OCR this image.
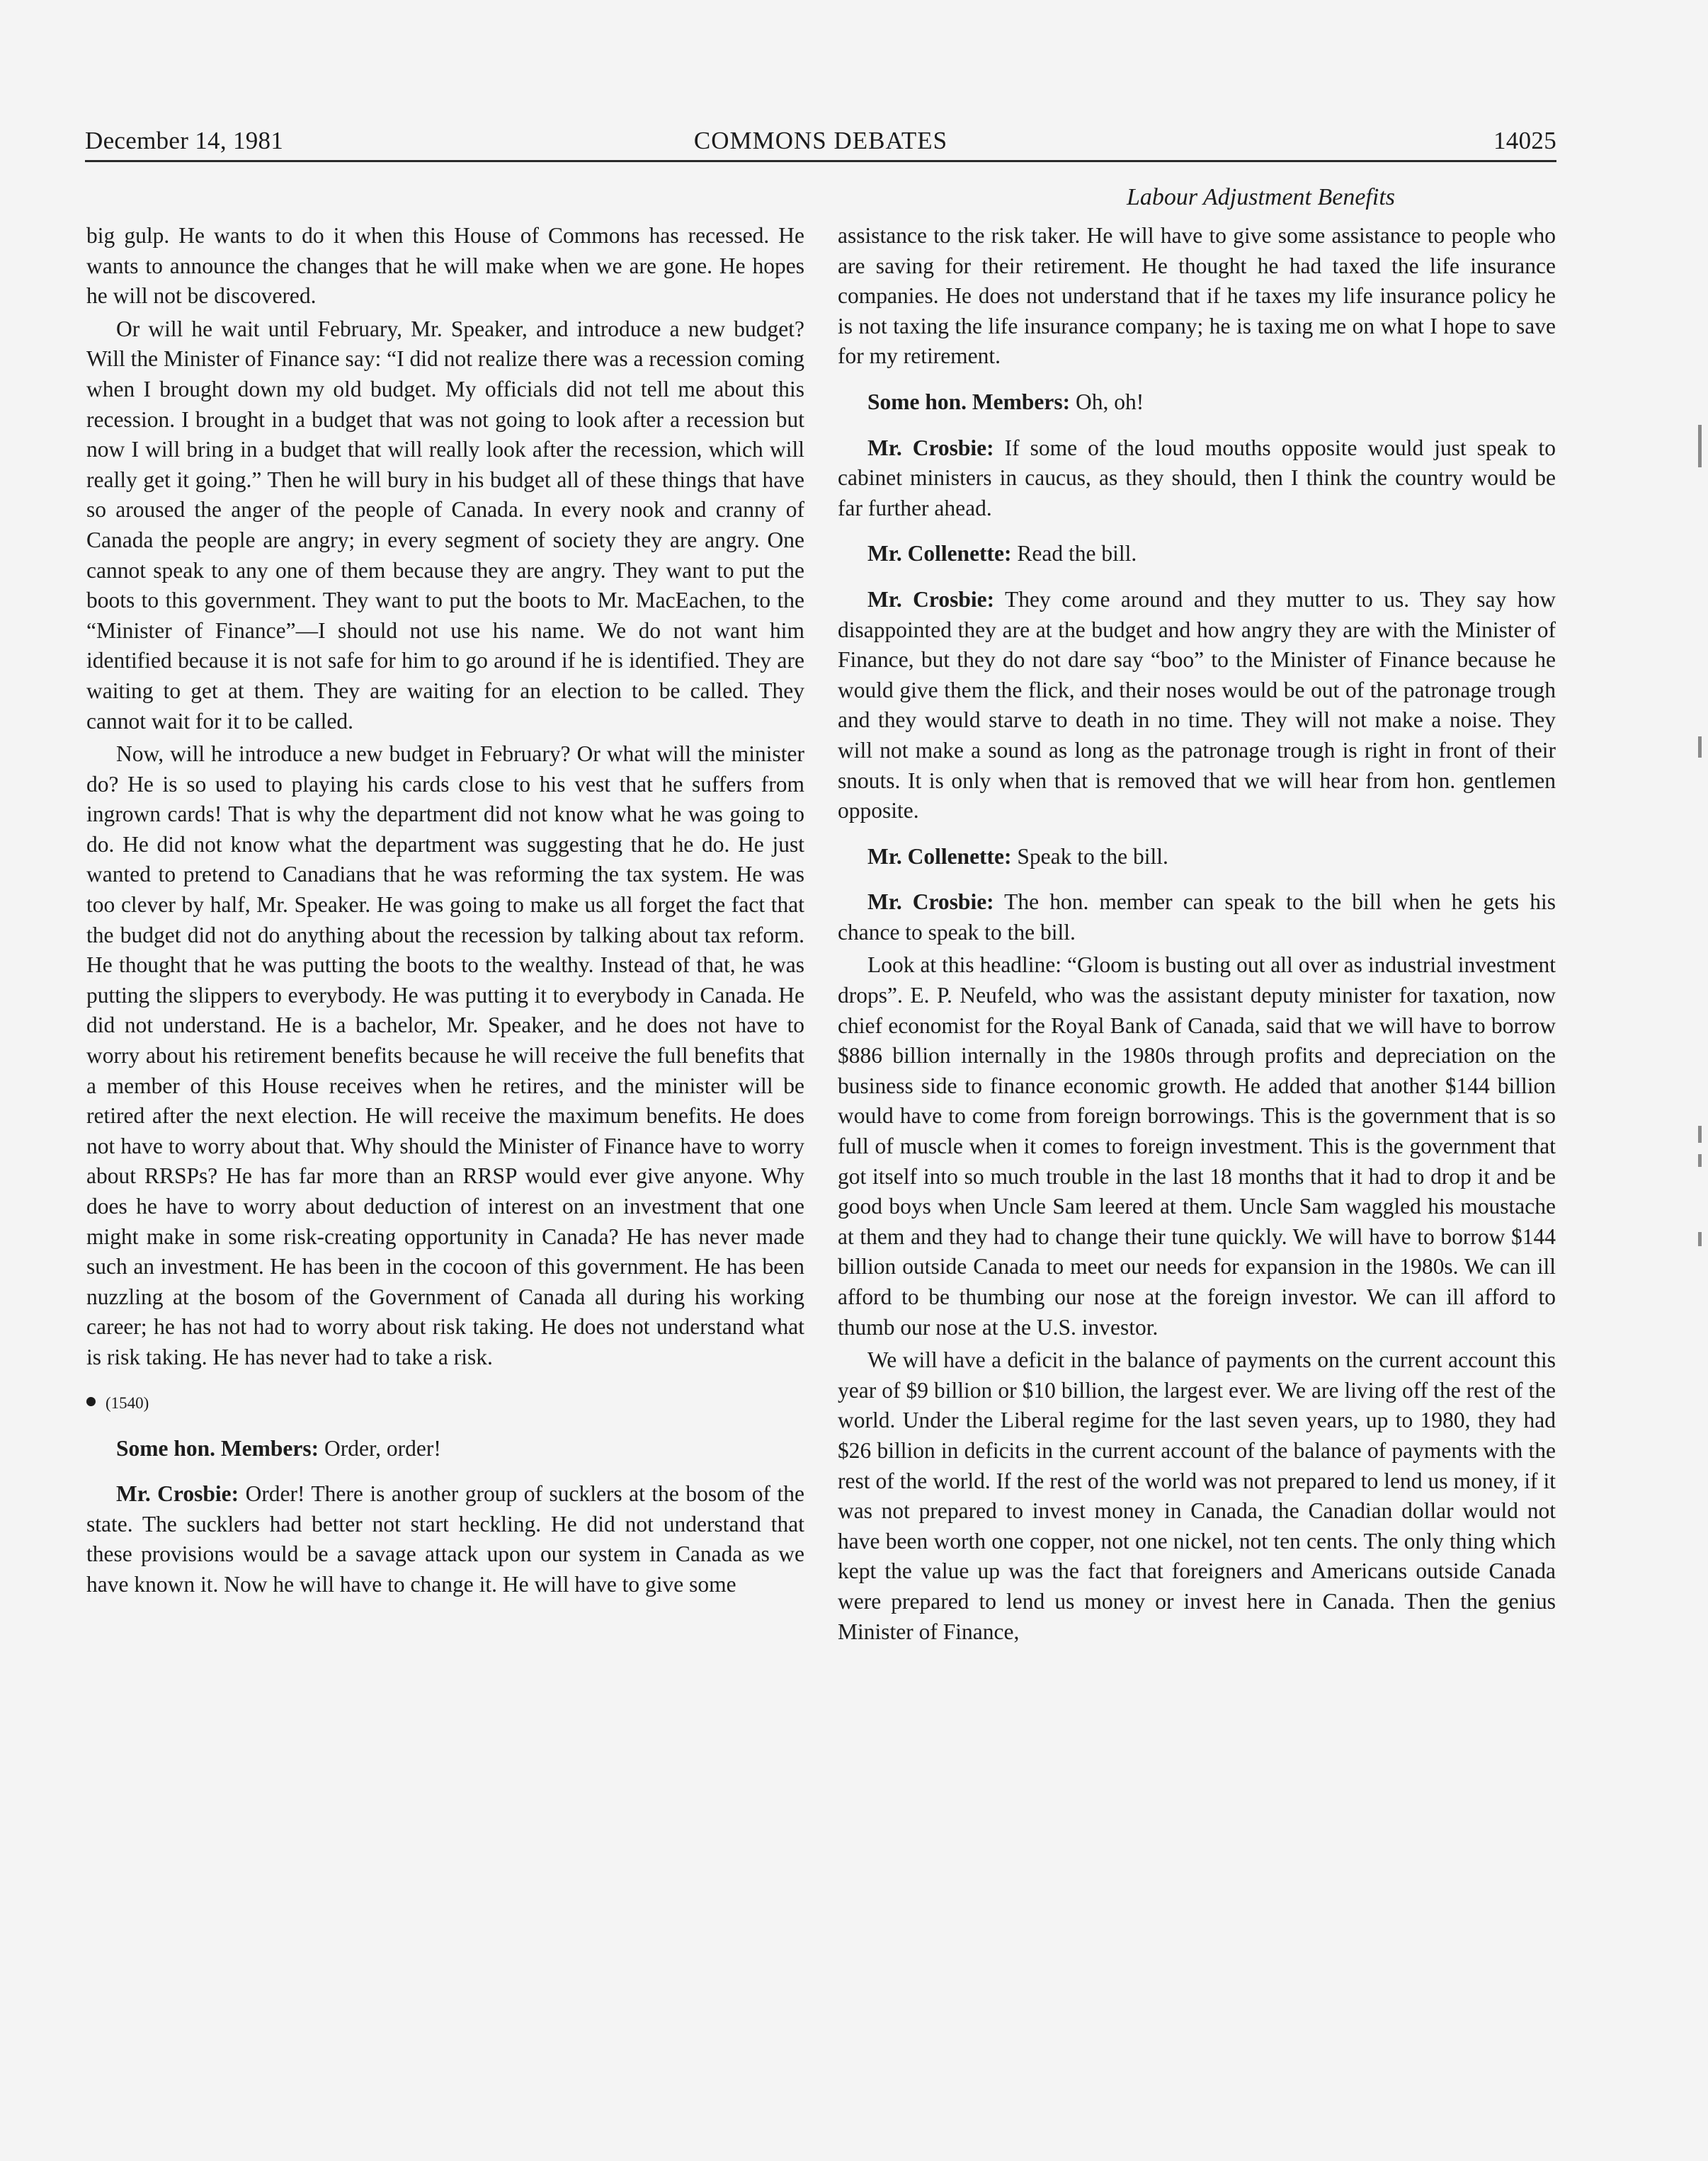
December 14, 1981	COMMONS DEBATES	14025
Labour Adjustment Benefits

big gulp. He wants to do it when this House of Commons has recessed. He wants to announce the changes that he will make when we are gone. He hopes he will not be discovered.

Or will he wait until February, Mr. Speaker, and introduce a new budget? Will the Minister of Finance say: “I did not realize there was a recession coming when I brought down my old budget. My officials did not tell me about this recession. I brought in a budget that was not going to look after a recession but now I will bring in a budget that will really look after the recession, which will really get it going.” Then he will bury in his budget all of these things that have so aroused the anger of the people of Canada. In every nook and cranny of Canada the people are angry; in every segment of society they are angry. One cannot speak to any one of them because they are angry. They want to put the boots to this government. They want to put the boots to Mr. MacEachen, to the “Minister of Finance”—I should not use his name. We do not want him identified because it is not safe for him to go around if he is identified. They are waiting to get at them. They are waiting for an election to be called. They cannot wait for it to be called.

Now, will he introduce a new budget in February? Or what will the minister do? He is so used to playing his cards close to his vest that he suffers from ingrown cards! That is why the department did not know what he was going to do. He did not know what the department was suggesting that he do. He just wanted to pretend to Canadians that he was reforming the tax system. He was too clever by half, Mr. Speaker. He was going to make us all forget the fact that the budget did not do anything about the recession by talking about tax reform. He thought that he was putting the boots to the wealthy. Instead of that, he was putting the slippers to everybody. He was putting it to everybody in Canada. He did not understand. He is a bachelor, Mr. Speaker, and he does not have to worry about his retirement benefits because he will receive the full benefits that a member of this House receives when he retires, and the minister will be retired after the next election. He will receive the maximum benefits. He does not have to worry about that. Why should the Minister of Finance have to worry about RRSPs? He has far more than an RRSP would ever give anyone. Why does he have to worry about deduction of interest on an investment that one might make in some risk-creating opportunity in Canada? He has never made such an investment. He has been in the cocoon of this government. He has been nuzzling at the bosom of the Government of Canada all during his working career; he has not had to worry about risk taking. He does not understand what is risk taking. He has never had to take a risk.

(1540)

Some hon. Members: Order, order!

Mr. Crosbie: Order! There is another group of sucklers at the bosom of the state. The sucklers had better not start heckling. He did not understand that these provisions would be a savage attack upon our system in Canada as we have known it. Now he will have to change it. He will have to give some

assistance to the risk taker. He will have to give some assistance to people who are saving for their retirement. He thought he had taxed the life insurance companies. He does not understand that if he taxes my life insurance policy he is not taxing the life insurance company; he is taxing me on what I hope to save for my retirement.

Some hon. Members: Oh, oh!

Mr. Crosbie: If some of the loud mouths opposite would just speak to cabinet ministers in caucus, as they should, then I think the country would be far further ahead.

Mr. Collenette: Read the bill.

Mr. Crosbie: They come around and they mutter to us. They say how disappointed they are at the budget and how angry they are with the Minister of Finance, but they do not dare say “boo” to the Minister of Finance because he would give them the flick, and their noses would be out of the patronage trough and they would starve to death in no time. They will not make a noise. They will not make a sound as long as the patronage trough is right in front of their snouts. It is only when that is removed that we will hear from hon. gentlemen opposite.

Mr. Collenette: Speak to the bill.

Mr. Crosbie: The hon. member can speak to the bill when he gets his chance to speak to the bill.

Look at this headline: “Gloom is busting out all over as industrial investment drops”. E. P. Neufeld, who was the assistant deputy minister for taxation, now chief economist for the Royal Bank of Canada, said that we will have to borrow $886 billion internally in the 1980s through profits and depreciation on the business side to finance economic growth. He added that another $144 billion would have to come from foreign borrowings. This is the government that is so full of muscle when it comes to foreign investment. This is the government that got itself into so much trouble in the last 18 months that it had to drop it and be good boys when Uncle Sam leered at them. Uncle Sam waggled his moustache at them and they had to change their tune quickly. We will have to borrow $144 billion outside Canada to meet our needs for expansion in the 1980s. We can ill afford to be thumbing our nose at the foreign investor. We can ill afford to thumb our nose at the U.S. investor.

We will have a deficit in the balance of payments on the current account this year of $9 billion or $10 billion, the largest ever. We are living off the rest of the world. Under the Liberal regime for the last seven years, up to 1980, they had $26 billion in deficits in the current account of the balance of payments with the rest of the world. If the rest of the world was not prepared to lend us money, if it was not prepared to invest money in Canada, the Canadian dollar would not have been worth one copper, not one nickel, not ten cents. The only thing which kept the value up was the fact that foreigners and Americans outside Canada were prepared to lend us money or invest here in Canada. Then the genius Minister of Finance,
